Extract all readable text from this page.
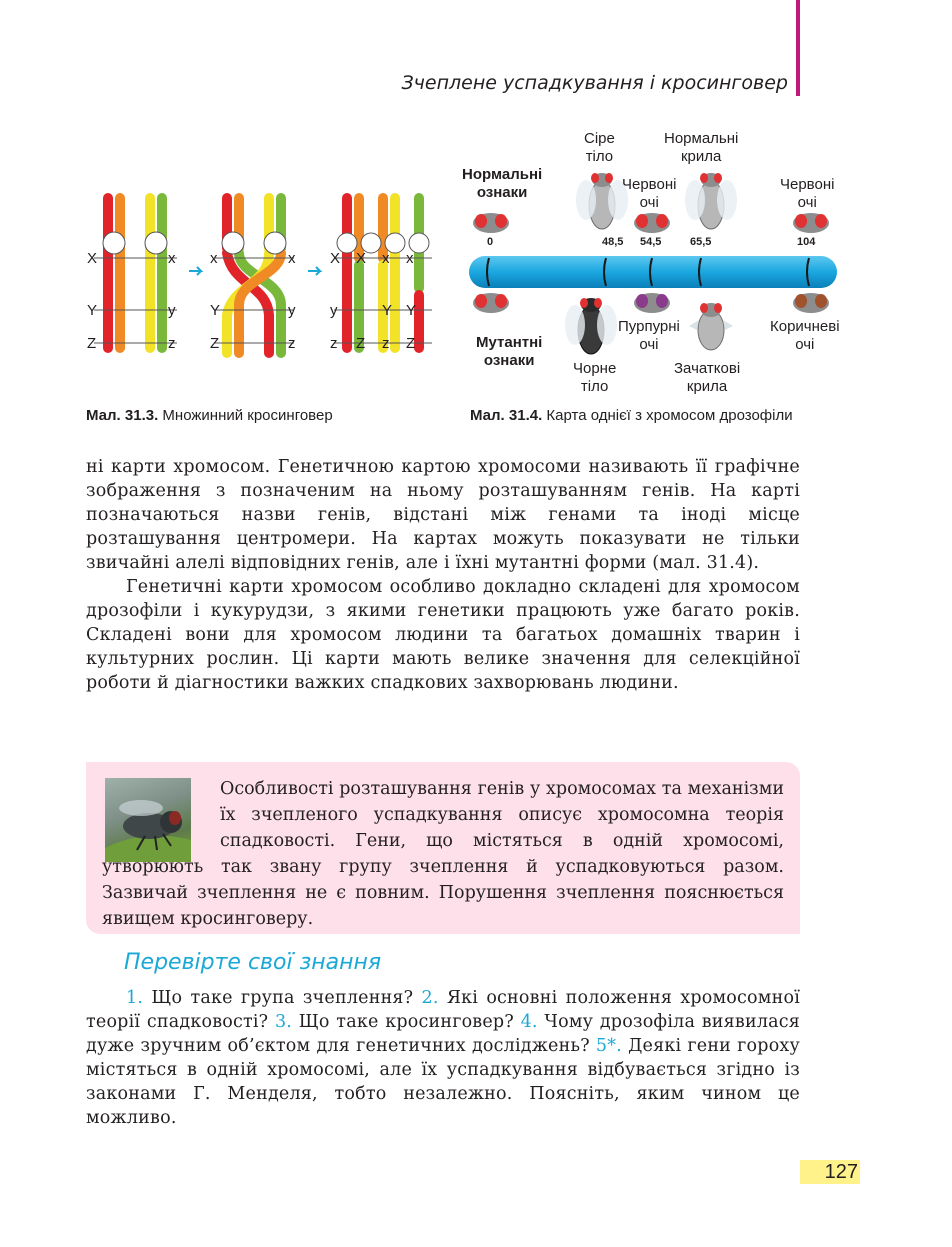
Зчеплене успадкування і кросинговер
X
Y
Z
x
y
z
x
Y
Z
x
y
z
X
y
z
X
Z
x
Y
z
x
Y
Z
Мал. 31.3. Множинний кросинговер
Нормальні
ознаки
Мутантні
ознаки
Сіре
тіло
Нормальні
крила
Червоні
очі
Червоні
очі
0	48,5 54,5	65,5	104
Пурпурні
очі
Коричневі
очі
Чорне
тіло
Зачаткові
крила
Мал. 31.4. Карта однієї з хромосом дрозофіли

ні карти хромосом. Генетичною картою хромосоми називають її графічне зображення з позначеним на ньому розташуванням генів. На карті позначаються назви генів, відстані між генами та іноді місце розташування центромери. На картах можуть показувати не тільки звичайні алелі відповідних генів, але і їхні мутантні форми (мал. 31.4).

Генетичні карти хромосом особливо докладно складені для хромосом дрозофіли і кукурудзи, з якими генетики працюють уже багато років. Складені вони для хромосом людини та багатьох домашніх тварин і культурних рослин. Ці карти мають велике значення для селекційної роботи й діагностики важких спадкових захворювань людини.

Особливості розташування генів у хромосомах та механізми їх зчепленого успадкування описує хромосомна теорія спадковості. Гени, що містяться в одній хромосомі, утворюють так звану групу зчеплення й успадковуються разом. Зазвичай зчеплення не є повним. Порушення зчеплення пояснюється явищем кросинговеру.
Перевірте свої знання

1. Що таке група зчеплення? 2. Які основні положення хромосомної теорії спадковості? 3. Що таке кросинговер? 4. Чому дрозофіла виявилася дуже зручним об’єктом для генетичних досліджень? 5*. Деякі гени гороху містяться в одній хромосомі, але їх успадкування відбувається згідно із законами Г. Менделя, тобто незалежно. Поясніть, яким чином це можливо.

127
